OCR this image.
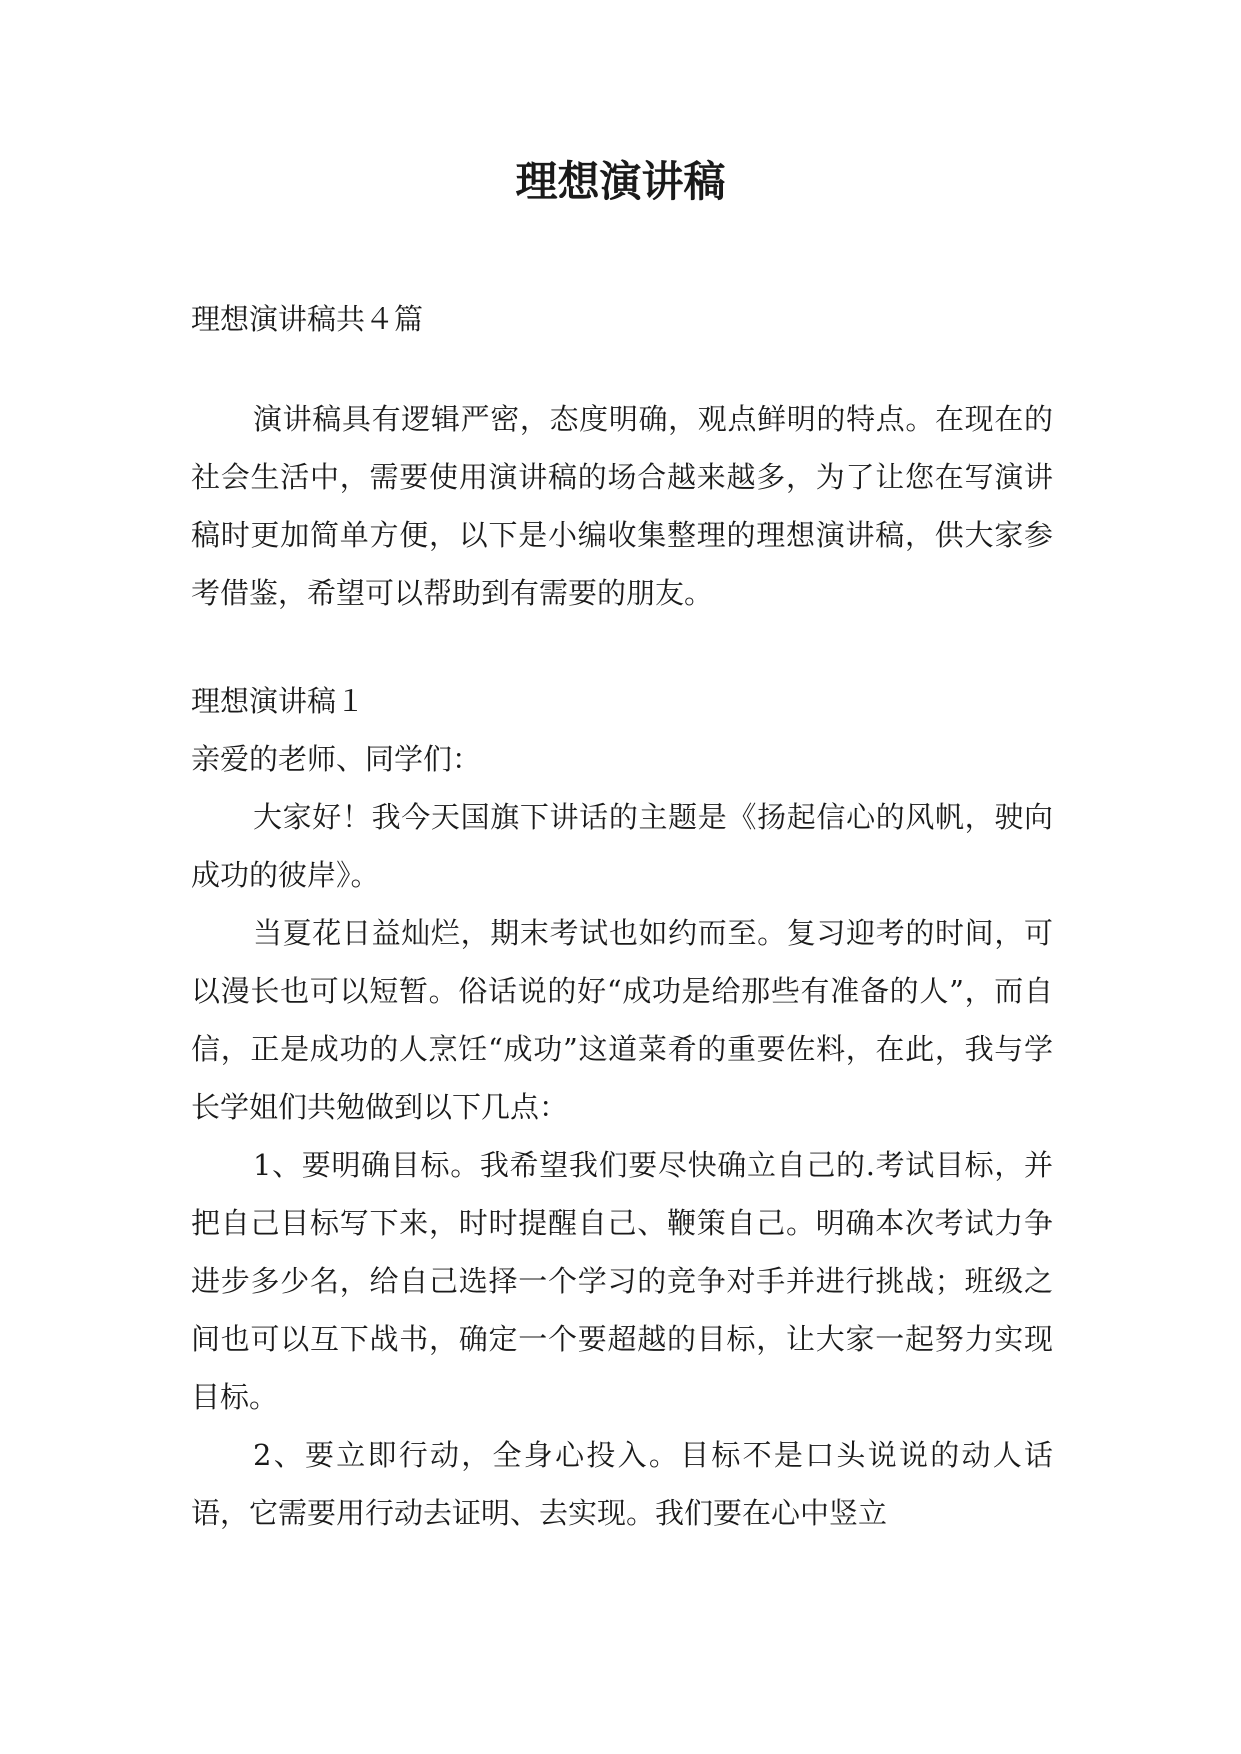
理想演讲稿

理想演讲稿共４篇

演讲稿具有逻辑严密，态度明确，观点鲜明的特点。在现在的社会生活中，需要使用演讲稿的场合越来越多，为了让您在写演讲稿时更加简单方便，以下是小编收集整理的理想演讲稿，供大家参考借鉴，希望可以帮助到有需要的朋友。

理想演讲稿１

亲爱的老师、同学们：

大家好！我今天国旗下讲话的主题是《扬起信心的风帆，驶向成功的彼岸》。

当夏花日益灿烂，期末考试也如约而至。复习迎考的时间，可以漫长也可以短暂。俗话说的好“成功是给那些有准备的人”，而自信，正是成功的人烹饪“成功”这道菜肴的重要佐料，在此，我与学长学姐们共勉做到以下几点：

1、要明确目标。我希望我们要尽快确立自己的.考试目标，并把自己目标写下来，时时提醒自己、鞭策自己。明确本次考试力争进步多少名，给自己选择一个学习的竞争对手并进行挑战；班级之间也可以互下战书，确定一个要超越的目标，让大家一起努力实现目标。

2、要立即行动，全身心投入。目标不是口头说说的动人话语，它需要用行动去证明、去实现。我们要在心中竖立
